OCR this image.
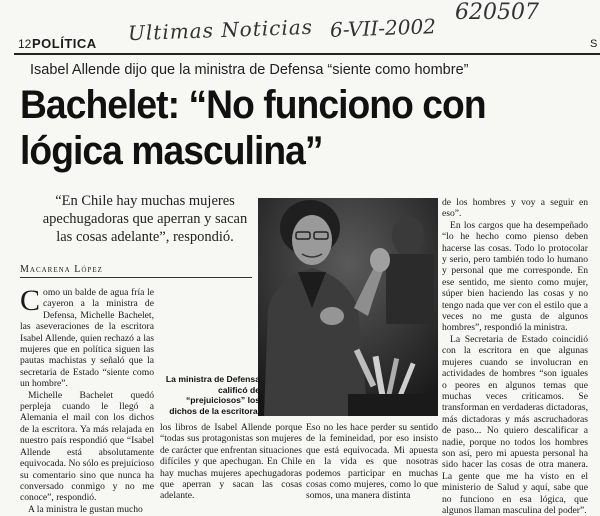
620507
12 POLÍTICA Ultimas Noticias 6-VII-2002
S
Isabel Allende dijo que la ministra de Defensa “siente como hombre”
Bachelet: “No funciono con
lógica masculina”
“En Chile hay muchas mujeres apechugadoras que aperran y sacan las cosas adelante”, respondió.
Macarena López

Como un balde de agua fría le cayeron a la ministra de Defensa, Michelle Bachelet, las aseveraciones de la escritora Isabel Allende, quien rechazó a las mujeres que en política siguen las pautas machistas y señaló que la secretaria de Estado “siente como un hombre”.

Michelle Bachelet quedó perpleja cuando le llegó a Alemania el mail con los dichos de la escritora. Ya más relajada en nuestro país respondió que “Isabel Allende está absolutamente equivocada. No sólo es prejuicioso su comentario sino que nunca ha conversado conmigo y no me conoce”, respondió.

A la ministra le gustan mucho

La ministra de Defensa calificó de “prejuiciosos” los dichos de la escritora.

los libros de Isabel Allende porque “todas sus protagonistas son mujeres de carácter que enfrentan situaciones difíciles y que apechugan. En Chile hay muchas mujeres apechugadoras que aperran y sacan las cosas adelante.

Eso no les hace perder su sentido de la femineidad, por eso insisto que está equivocada. Mi apuesta en la vida es que nosotras podemos participar en muchas cosas como mujeres, como lo que somos, una manera distinta

de los hombres y voy a seguir en eso”.

En los cargos que ha desempeñado “lo he hecho como pienso deben hacerse las cosas. Todo lo protocolar y serio, pero también todo lo humano y personal que me corresponde. En ese sentido, me siento como mujer, súper bien haciendo las cosas y no tengo nada que ver con el estilo que a veces no me gusta de algunos hombres”, respondió la ministra.

La Secretaria de Estado coincidió con la escritora en que algunas mujeres cuando se involucran en actividades de hombres “son iguales o peores en algunos temas que muchas veces criticamos. Se transforman en verdaderas dictadoras, más dictadoras y más ascruchadoras de paso... No quiero descalificar a nadie, porque no todos los hombres son así, pero mi apuesta personal ha sido hacer las cosas de otra manera. La gente que me ha visto en el ministerio de Salud y aquí, sabe que no funciono en esa lógica, que algunos llaman masculina del poder”.
